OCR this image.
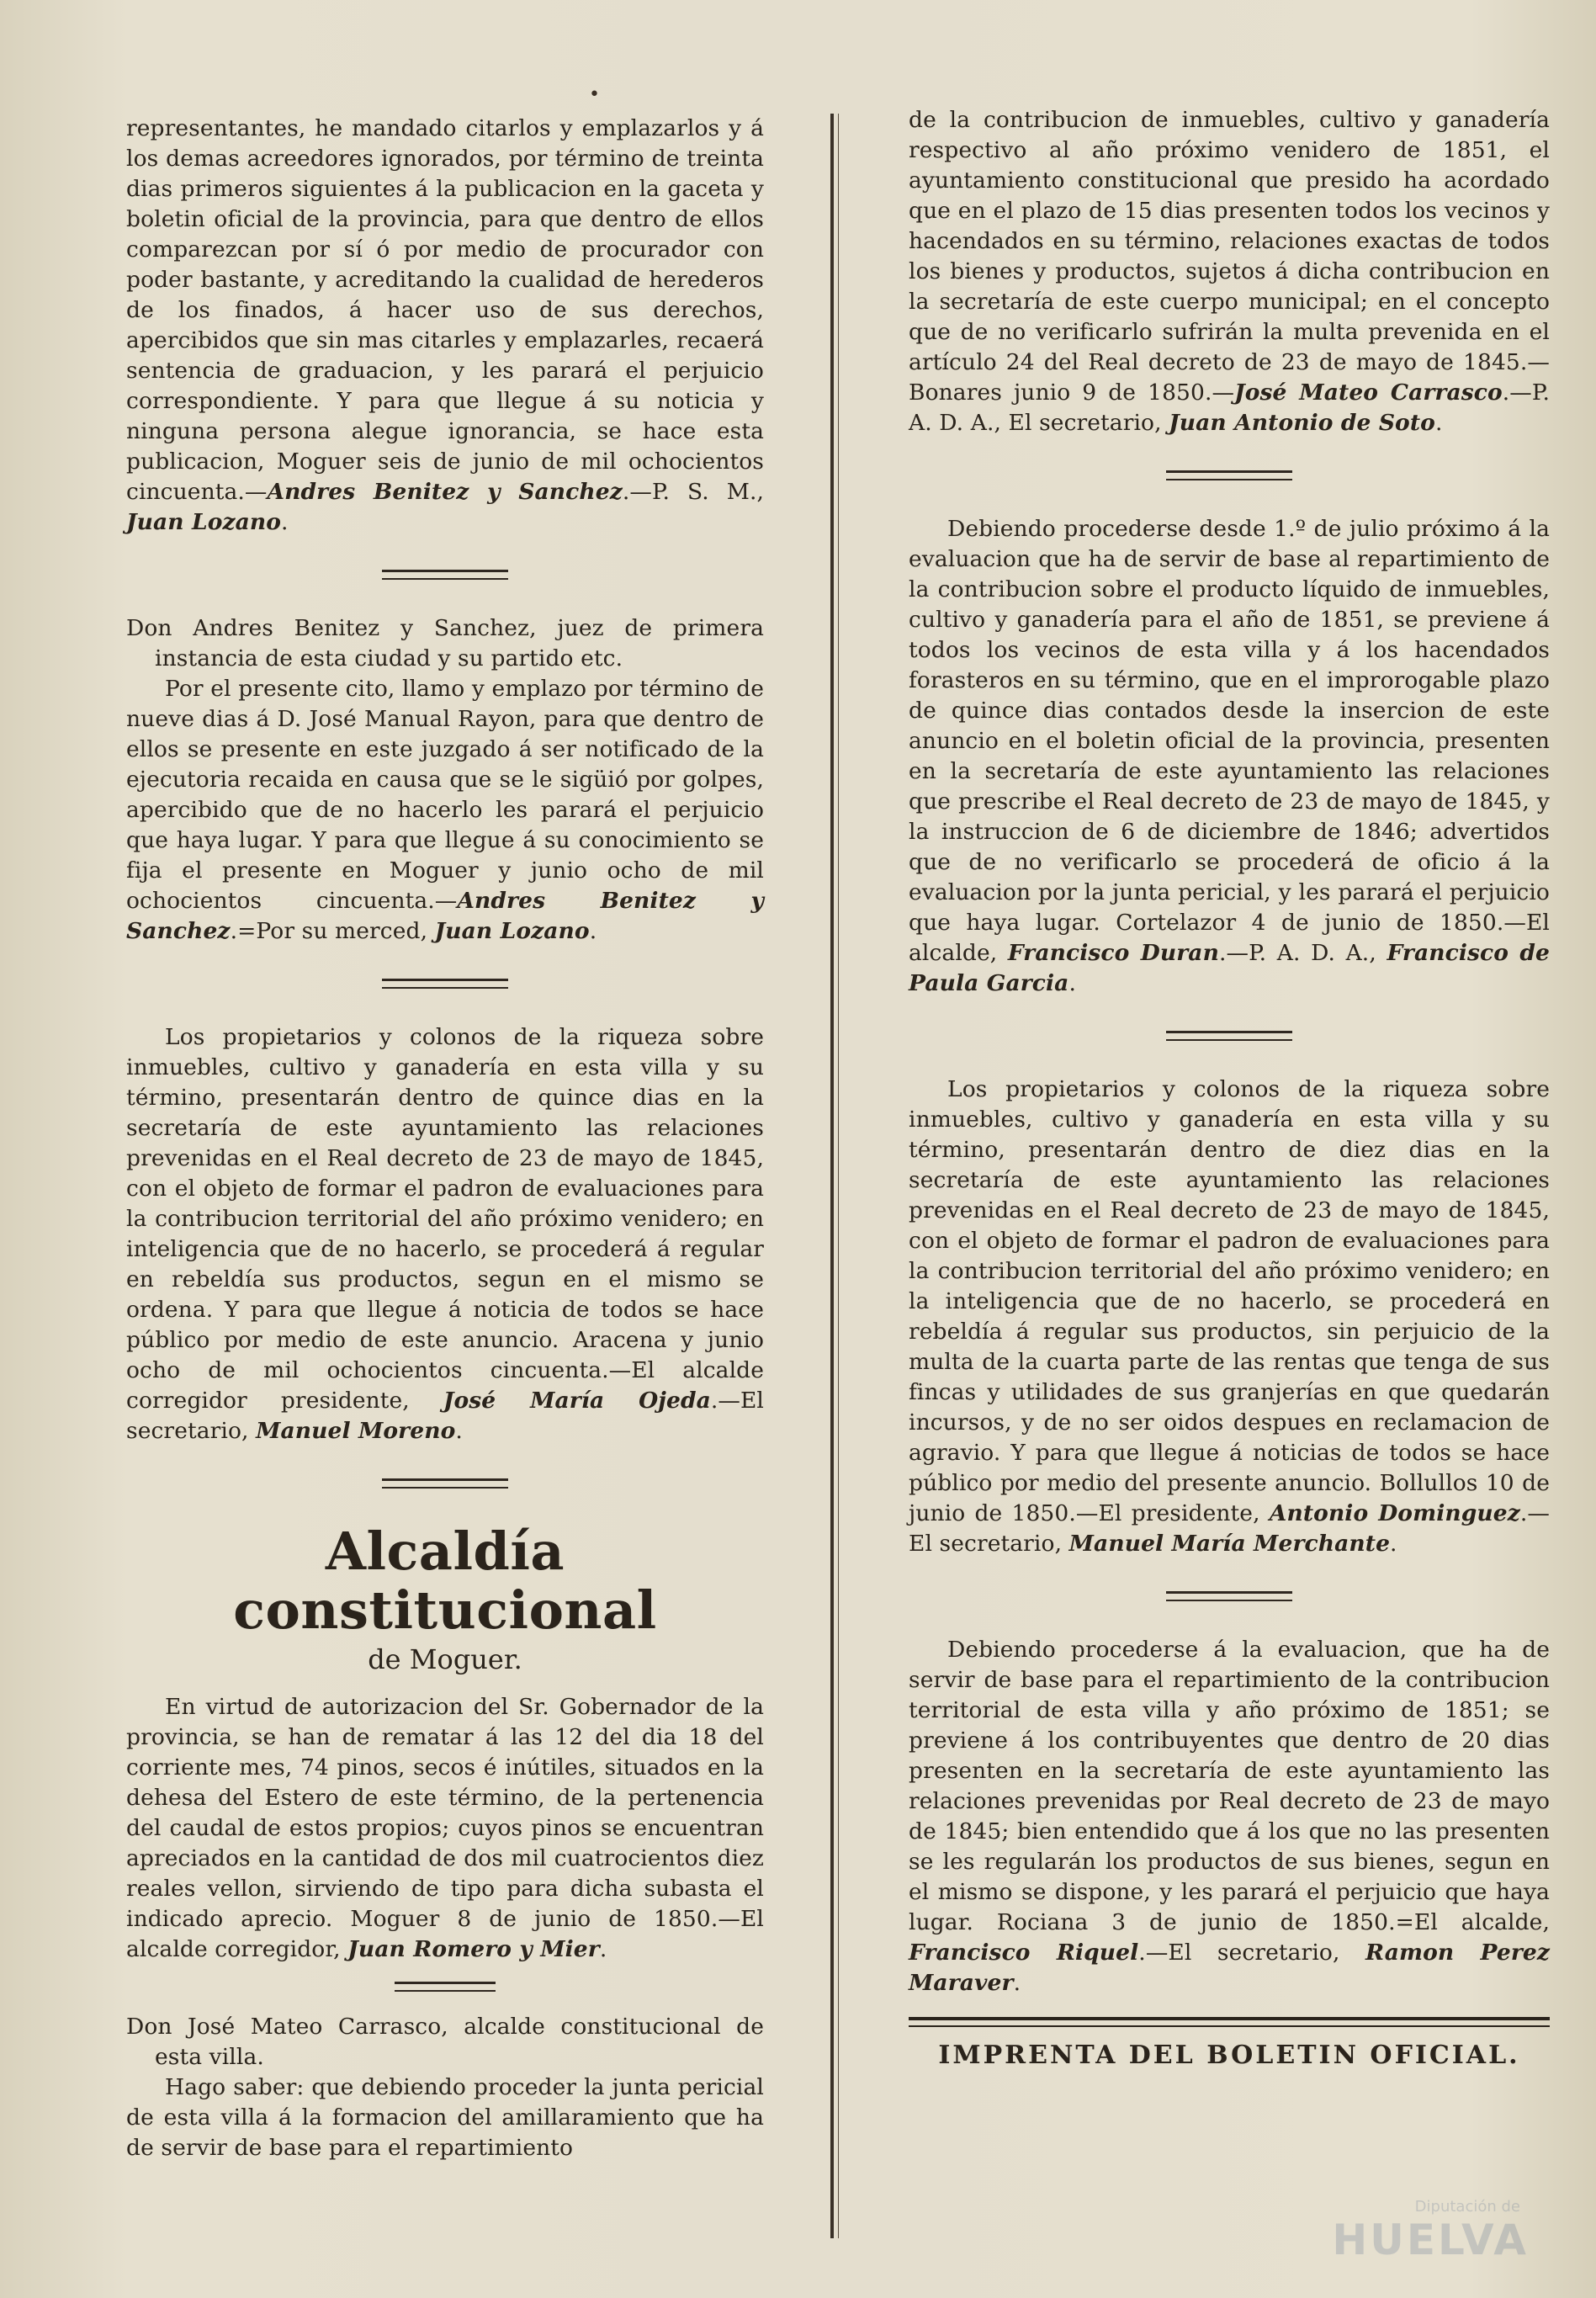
•

representantes, he mandado citarlos y emplazarlos y á los demas acreedores ignorados, por término de treinta dias primeros siguientes á la publicacion en la gaceta y boletin oficial de la provincia, para que dentro de ellos comparezcan por sí ó por medio de procurador con poder bastante, y acreditando la cualidad de herederos de los finados, á hacer uso de sus derechos, apercibidos que sin mas citarles y emplazarles, recaerá sentencia de graduacion, y les parará el perjuicio correspondiente. Y para que llegue á su noticia y ninguna persona alegue ignorancia, se hace esta publicacion, Moguer seis de junio de mil ochocientos cincuenta.—Andres Benitez y Sanchez.—P. S. M., Juan Lozano.

Don Andres Benitez y Sanchez, juez de primera instancia de esta ciudad y su partido etc.

Por el presente cito, llamo y emplazo por término de nueve dias á D. José Manual Rayon, para que dentro de ellos se presente en este juzgado á ser notificado de la ejecutoria recaida en causa que se le sigüió por golpes, apercibido que de no hacerlo les parará el perjuicio que haya lugar. Y para que llegue á su conocimiento se fija el presente en Moguer y junio ocho de mil ochocientos cincuenta.—Andres Benitez y Sanchez.=Por su merced, Juan Lozano.

Los propietarios y colonos de la riqueza sobre inmuebles, cultivo y ganadería en esta villa y su término, presentarán dentro de quince dias en la secretaría de este ayuntamiento las relaciones prevenidas en el Real decreto de 23 de mayo de 1845, con el objeto de formar el padron de evaluaciones para la contribucion territorial del año próximo venidero; en inteligencia que de no hacerlo, se procederá á regular en rebeldía sus productos, segun en el mismo se ordena. Y para que llegue á noticia de todos se hace público por medio de este anuncio. Aracena y junio ocho de mil ochocientos cincuenta.—El alcalde corregidor presidente, José María Ojeda.—El secretario, Manuel Moreno.

Alcaldía constitucional
de Moguer.

En virtud de autorizacion del Sr. Gobernador de la provincia, se han de rematar á las 12 del dia 18 del corriente mes, 74 pinos, secos é inútiles, situados en la dehesa del Estero de este término, de la pertenencia del caudal de estos propios; cuyos pinos se encuentran apreciados en la cantidad de dos mil cuatrocientos diez reales vellon, sirviendo de tipo para dicha subasta el indicado aprecio. Moguer 8 de junio de 1850.—El alcalde corregidor, Juan Romero y Mier.

Don José Mateo Carrasco, alcalde constitucional de esta villa.

Hago saber: que debiendo proceder la junta pericial de esta villa á la formacion del amillaramiento que ha de servir de base para el repartimiento

de la contribucion de inmuebles, cultivo y ganadería respectivo al año próximo venidero de 1851, el ayuntamiento constitucional que presido ha acordado que en el plazo de 15 dias presenten todos los vecinos y hacendados en su término, relaciones exactas de todos los bienes y productos, sujetos á dicha contribucion en la secretaría de este cuerpo municipal; en el concepto que de no verificarlo sufrirán la multa prevenida en el artículo 24 del Real decreto de 23 de mayo de 1845.—Bonares junio 9 de 1850.—José Mateo Carrasco.—P. A. D. A., El secretario, Juan Antonio de Soto.

Debiendo procederse desde 1.º de julio próximo á la evaluacion que ha de servir de base al repartimiento de la contribucion sobre el producto líquido de inmuebles, cultivo y ganadería para el año de 1851, se previene á todos los vecinos de esta villa y á los hacendados forasteros en su término, que en el improrogable plazo de quince dias contados desde la insercion de este anuncio en el boletin oficial de la provincia, presenten en la secretaría de este ayuntamiento las relaciones que prescribe el Real decreto de 23 de mayo de 1845, y la instruccion de 6 de diciembre de 1846; advertidos que de no verificarlo se procederá de oficio á la evaluacion por la junta pericial, y les parará el perjuicio que haya lugar. Cortelazor 4 de junio de 1850.—El alcalde, Francisco Duran.—P. A. D. A., Francisco de Paula Garcia.

Los propietarios y colonos de la riqueza sobre inmuebles, cultivo y ganadería en esta villa y su término, presentarán dentro de diez dias en la secretaría de este ayuntamiento las relaciones prevenidas en el Real decreto de 23 de mayo de 1845, con el objeto de formar el padron de evaluaciones para la contribucion territorial del año próximo venidero; en la inteligencia que de no hacerlo, se procederá en rebeldía á regular sus productos, sin perjuicio de la multa de la cuarta parte de las rentas que tenga de sus fincas y utilidades de sus granjerías en que quedarán incursos, y de no ser oidos despues en reclamacion de agravio. Y para que llegue á noticias de todos se hace público por medio del presente anuncio. Bollullos 10 de junio de 1850.—El presidente, Antonio Dominguez.—El secretario, Manuel María Merchante.

Debiendo procederse á la evaluacion, que ha de servir de base para el repartimiento de la contribucion territorial de esta villa y año próximo de 1851; se previene á los contribuyentes que dentro de 20 dias presenten en la secretaría de este ayuntamiento las relaciones prevenidas por Real decreto de 23 de mayo de 1845; bien entendido que á los que no las presenten se les regularán los productos de sus bienes, segun en el mismo se dispone, y les parará el perjuicio que haya lugar. Rociana 3 de junio de 1850.=El alcalde, Francisco Riquel.—El secretario, Ramon Perez Maraver.

IMPRENTA DEL BOLETIN OFICIAL.
Diputación de
HUELVA
